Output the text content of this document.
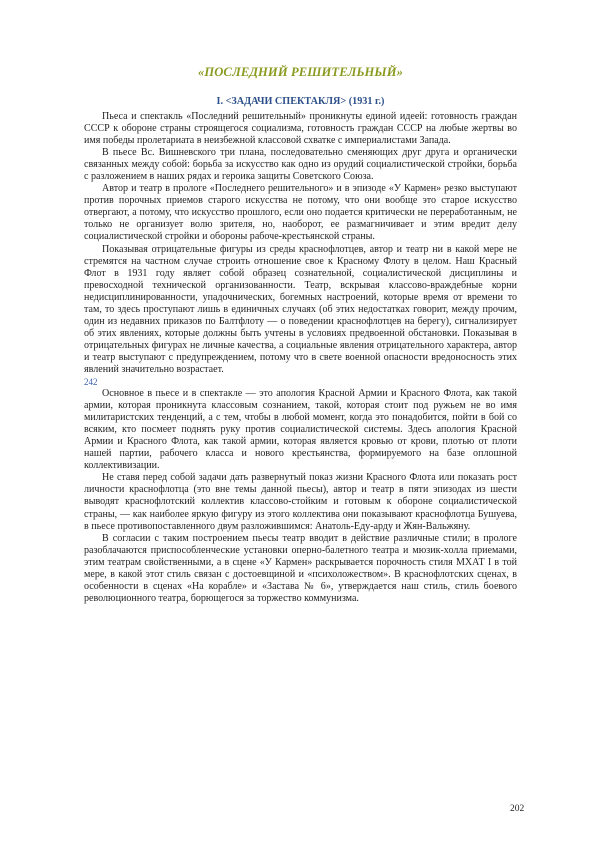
«ПОСЛЕДНИЙ РЕШИТЕЛЬНЫЙ»
I. <ЗАДАЧИ СПЕКТАКЛЯ> (1931 г.)

Пьеса и спектакль «Последний решительный» проникнуты единой идеей: готовность граждан СССР к обороне страны строящегося социализма, готовность граждан СССР на любые жертвы во имя победы пролетариата в неизбежной классовой схватке с империалистами Запада.

В пьесе Вс. Вишневского три плана, последовательно сменяющих друг друга и органически связанных между собой: борьба за искусство как одно из орудий социалистической стройки, борьба с разложением в наших рядах и героика защиты Советского Союза.

Автор и театр в прологе «Последнего решительного» и в эпизоде «У Кармен» резко выступают против порочных приемов старого искусства не потому, что они вообще это старое искусство отвергают, а потому, что искусство прошлого, если оно подается критически не переработанным, не только не организует волю зрителя, но, наоборот, ее размагничивает и этим вредит делу социалистической стройки и обороны рабоче-крестьянской страны.

Показывая отрицательные фигуры из среды краснофлотцев, автор и театр ни в какой мере не стремятся на частном случае строить отношение свое к Красному Флоту в целом. Наш Красный Флот в 1931 году являет собой образец сознательной, социалистической дисциплины и превосходной технической организованности. Театр, вскрывая классово-враждебные корни недисциплинированности, упадочнических, богемных настроений, которые время от времени то там, то здесь проступают лишь в единичных случаях (об этих недостатках говорит, между прочим, один из недавних приказов по Балтфлоту — о поведении краснофлотцев на берегу), сигнализирует об этих явлениях, которые должны быть учтены в условиях предвоенной обстановки. Показывая в отрицательных фигурах не личные качества, а социальные явления отрицательного характера, автор и театр выступают с предупреждением, потому что в свете военной опасности вредоносность этих явлений значительно возрастает.

242

Основное в пьесе и в спектакле — это апология Красной Армии и Красного Флота, как такой армии, которая проникнута классовым сознанием, такой, которая стоит под ружьем не во имя милитаристских тенденций, а с тем, чтобы в любой момент, когда это понадобится, пойти в бой со всяким, кто посмеет поднять руку против социалистической системы. Здесь апология Красной Армии и Красного Флота, как такой армии, которая является кровью от крови, плотью от плоти нашей партии, рабочего класса и нового крестьянства, формируемого на базе оплошной коллективизации.

Не ставя перед собой задачи дать развернутый показ жизни Красного Флота или показать рост личности краснофлотца (это вне темы данной пьесы), автор и театр в пяти эпизодах из шести выводят краснофлотский коллектив классово-стойким и готовым к обороне социалистической страны, — как наиболее яркую фигуру из этого коллектива они показывают краснофлотца Бушуева, в пьесе противопоставленного двум разложившимся: Анатоль-Еду-арду и Жян-Вальжяну.

В согласии с таким построением пьесы театр вводит в действие различные стили; в прологе разоблачаются приспособленческие установки оперно-балетного театра и мюзик-холла приемами, этим театрам свойственными, а в сцене «У Кармен» раскрывается порочность стиля МХАТ I в той мере, в какой этот стиль связан с достоевщиной и «психоложеством». В краснофлотских сценах, в особенности в сценах «На корабле» и «Застава № 6», утверждается наш стиль, стиль боевого революционного театра, борющегося за торжество коммунизма.

202
